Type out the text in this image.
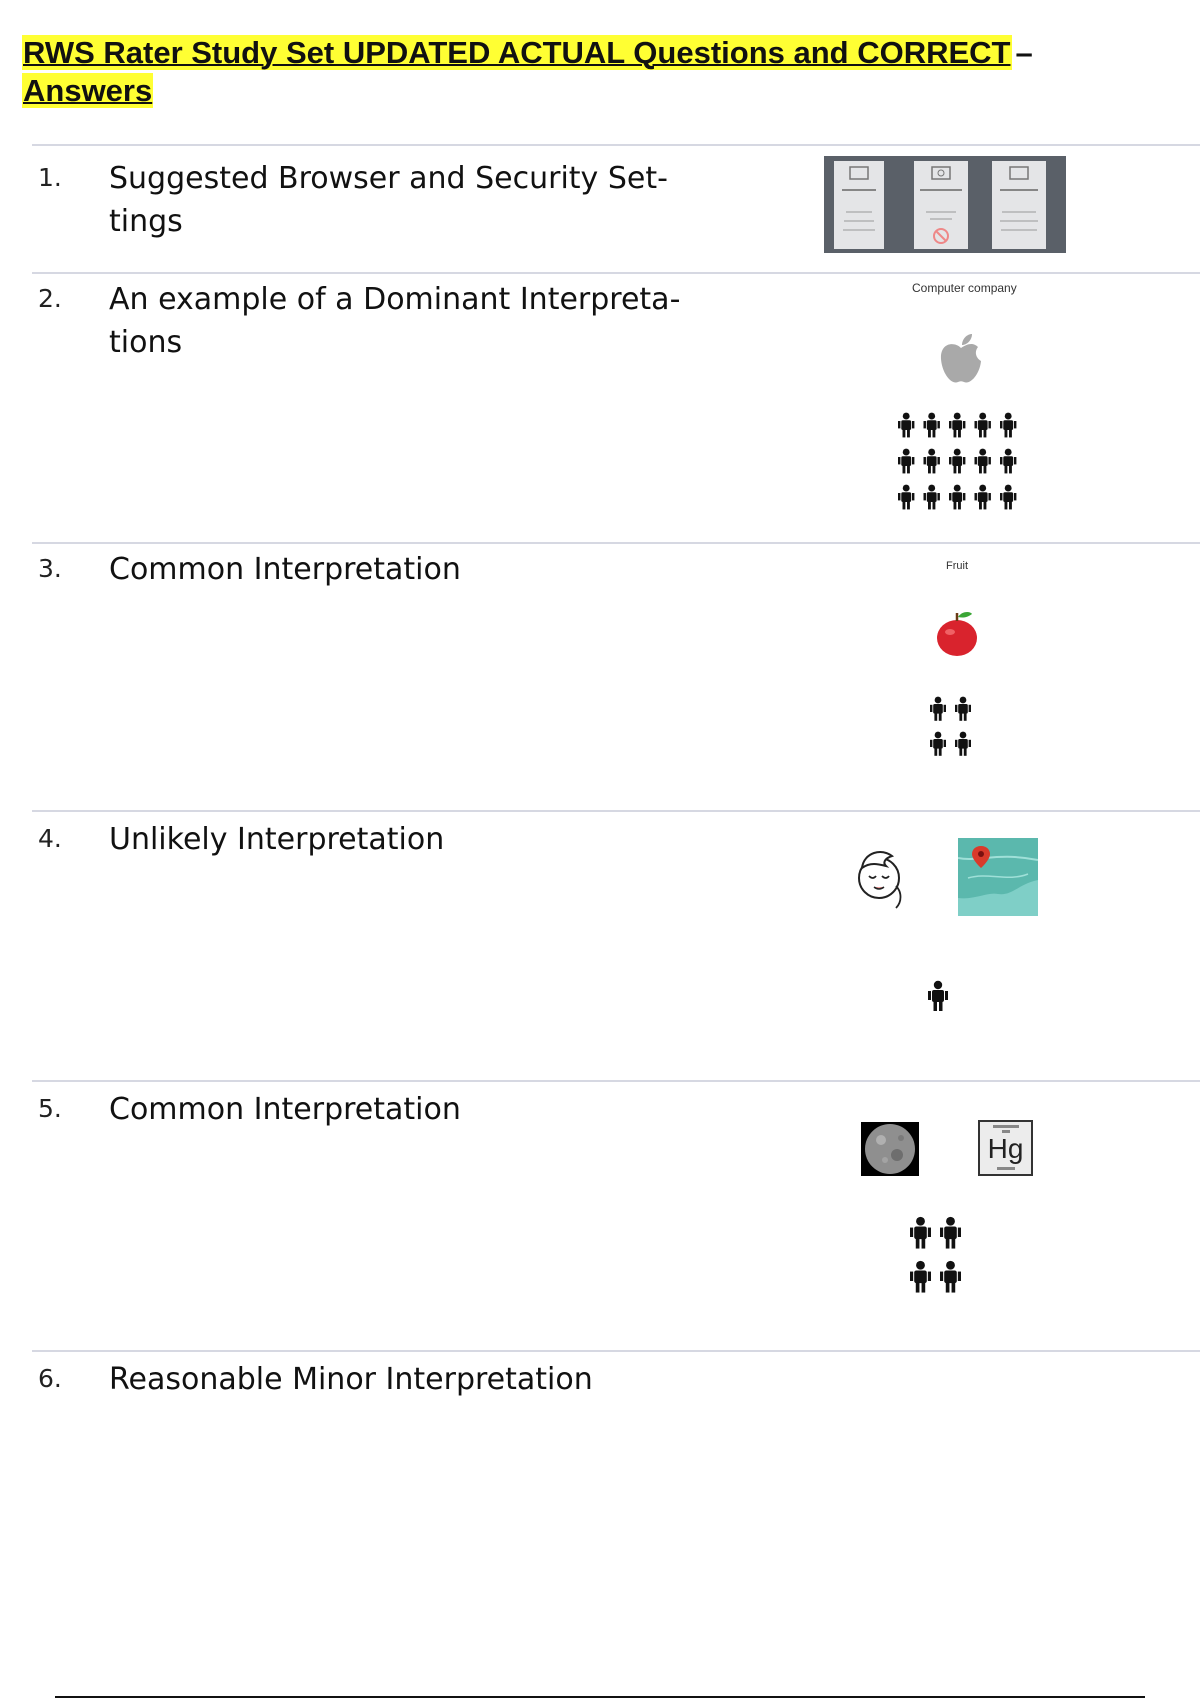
RWS Rater Study Set UPDATED ACTUAL Questions and CORRECT –
Answers
1. Suggested Browser and Security Set- tings
2. An example of a Dominant Interpreta- tions
Computer company
3. Common Interpretation	Fruit
4. Unlikely Interpretation
5. Common Interpretation
Hg
6. Reasonable Minor Interpretation
